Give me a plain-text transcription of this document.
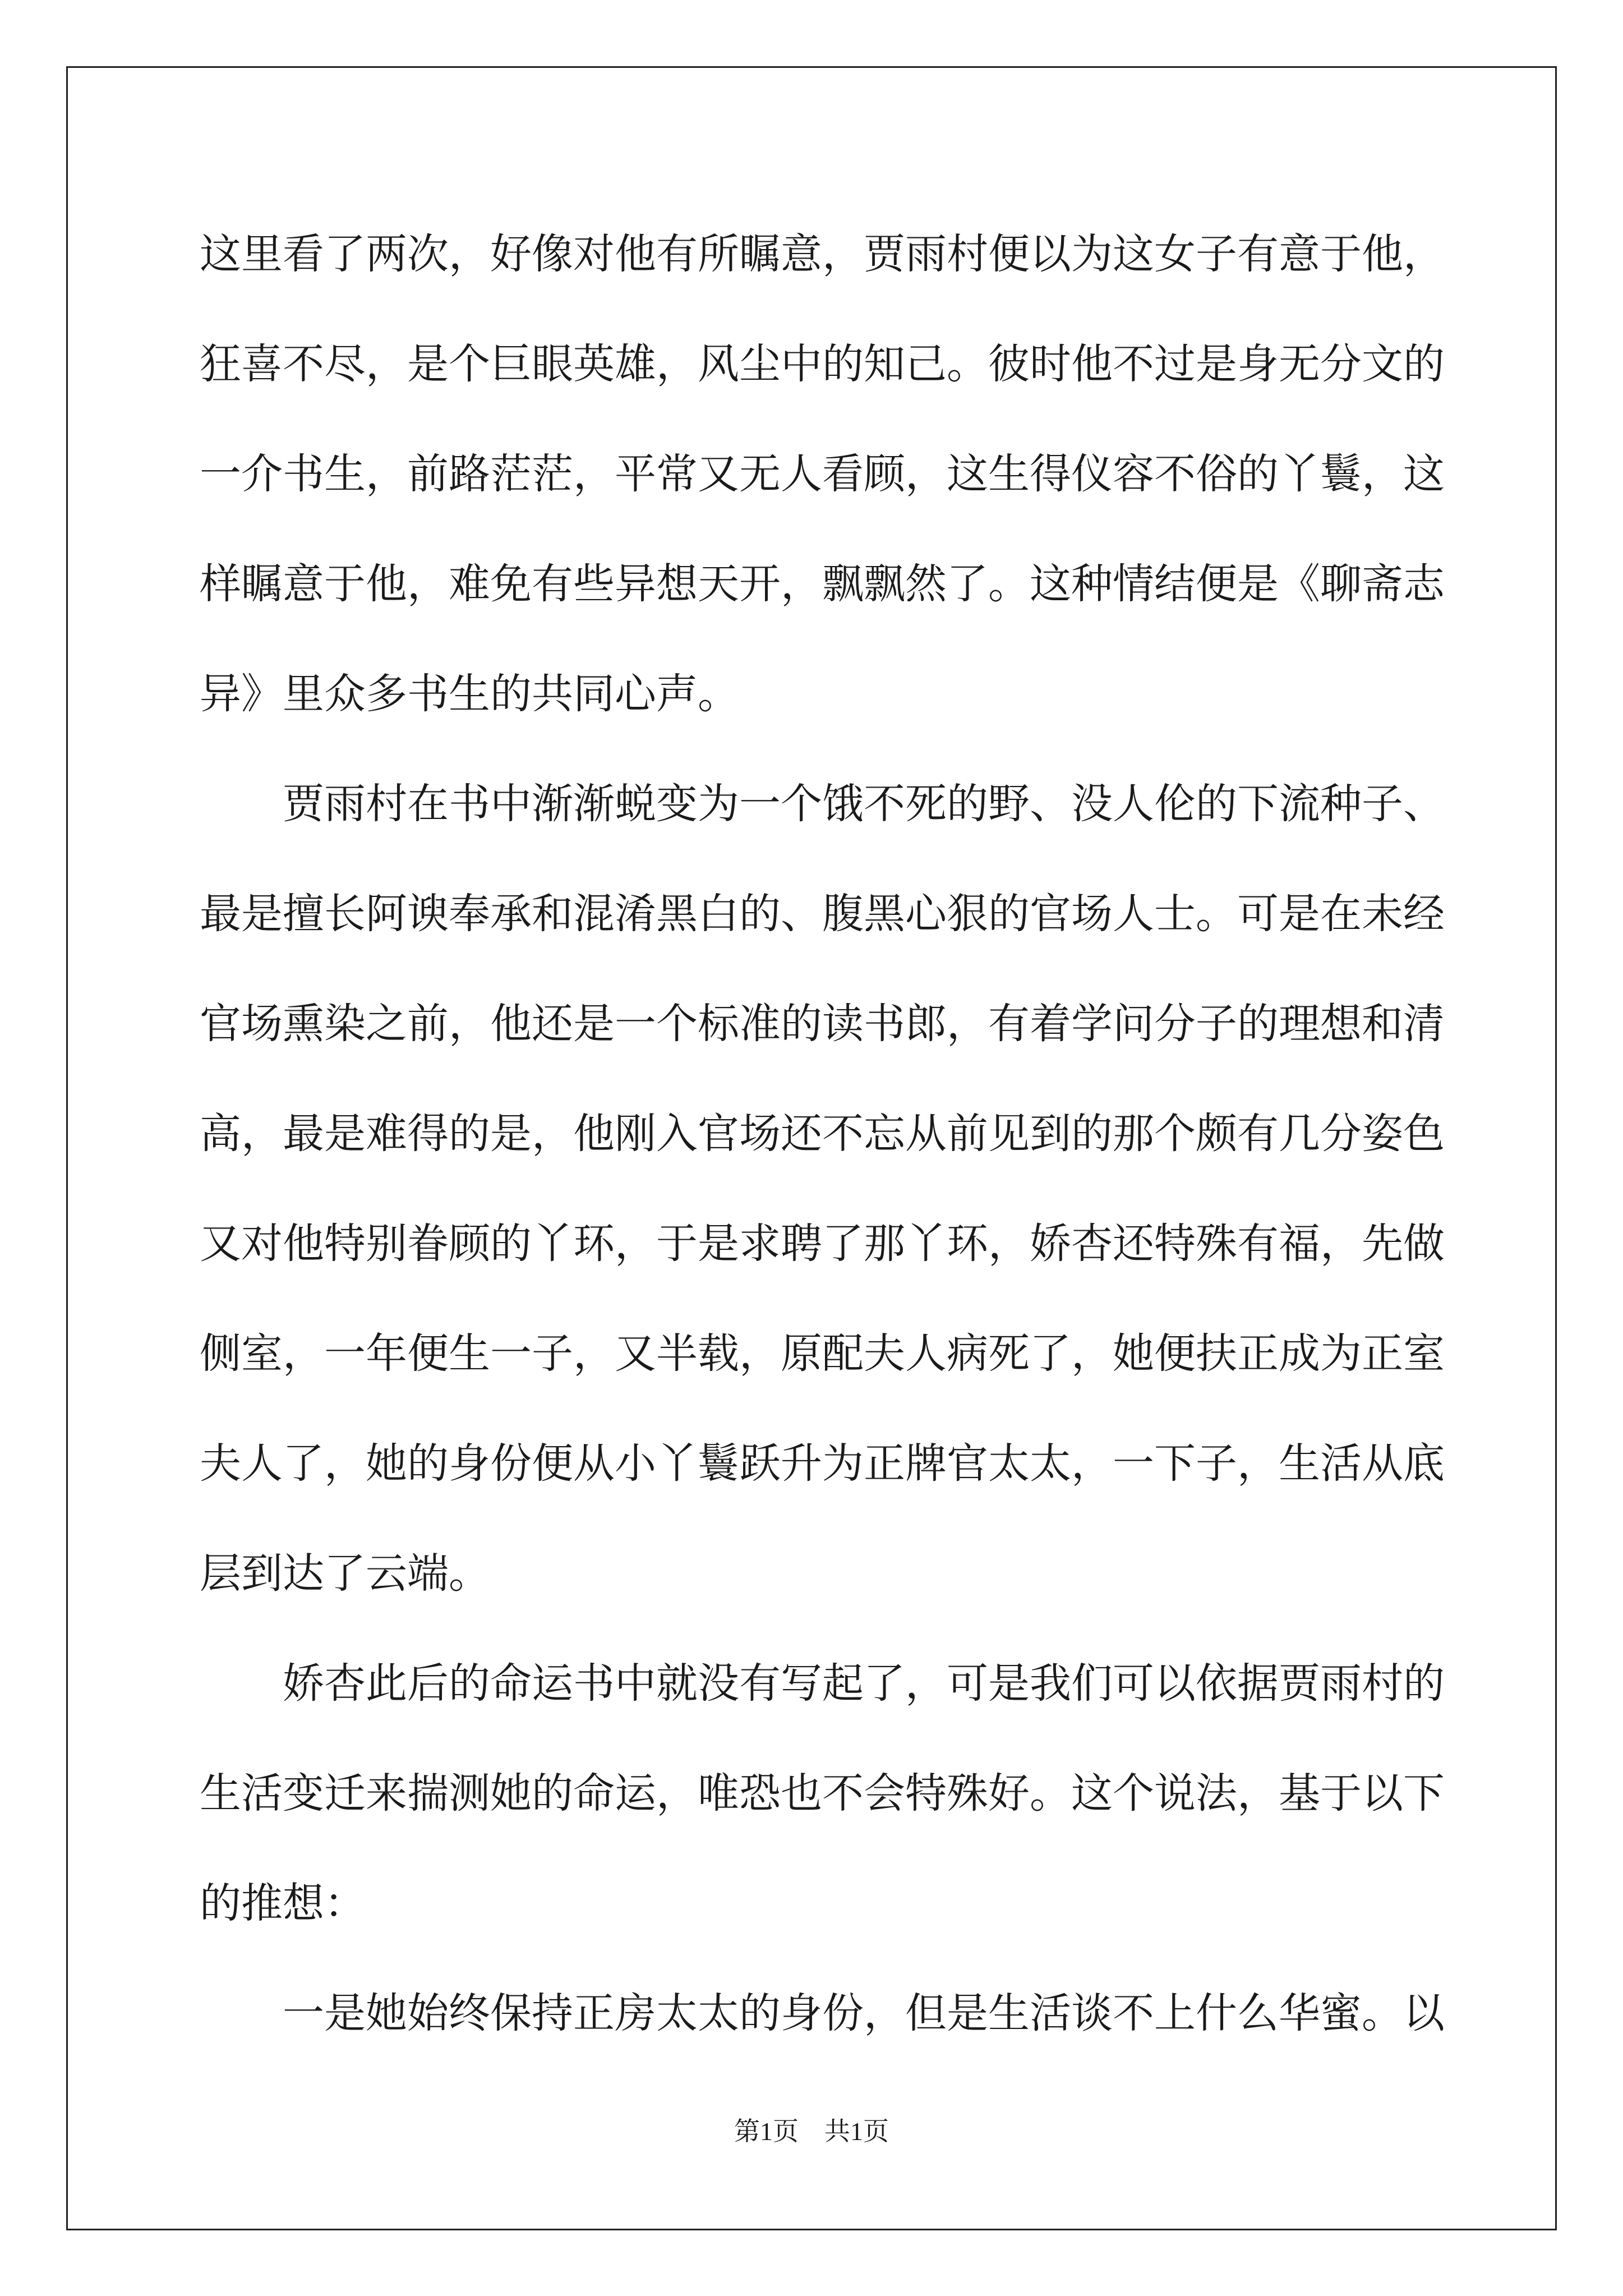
这里看了两次，好像对他有所瞩意，贾雨村便以为这女子有意于他，
狂喜不尽，是个巨眼英雄，风尘中的知己。彼时他不过是身无分文的
一介书生，前路茫茫，平常又无人看顾，这生得仪容不俗的丫鬟，这
样瞩意于他，难免有些异想天开，飘飘然了。这种情结便是《聊斋志
异》里众多书生的共同心声。
贾雨村在书中渐渐蜕变为一个饿不死的野、没人伦的下流种子、
最是擅长阿谀奉承和混淆黑白的、腹黑心狠的官场人士。可是在未经
官场熏染之前，他还是一个标准的读书郎，有着学问分子的理想和清
高，最是难得的是，他刚入官场还不忘从前见到的那个颇有几分姿色
又对他特别眷顾的丫环，于是求聘了那丫环，娇杏还特殊有福，先做
侧室，一年便生一子，又半载，原配夫人病死了，她便扶正成为正室
夫人了，她的身份便从小丫鬟跃升为正牌官太太，一下子，生活从底
层到达了云端。
娇杏此后的命运书中就没有写起了，可是我们可以依据贾雨村的
生活变迁来揣测她的命运，唯恐也不会特殊好。这个说法，基于以下
的推想：
一是她始终保持正房太太的身份，但是生活谈不上什么华蜜。以
第1页　共1页
